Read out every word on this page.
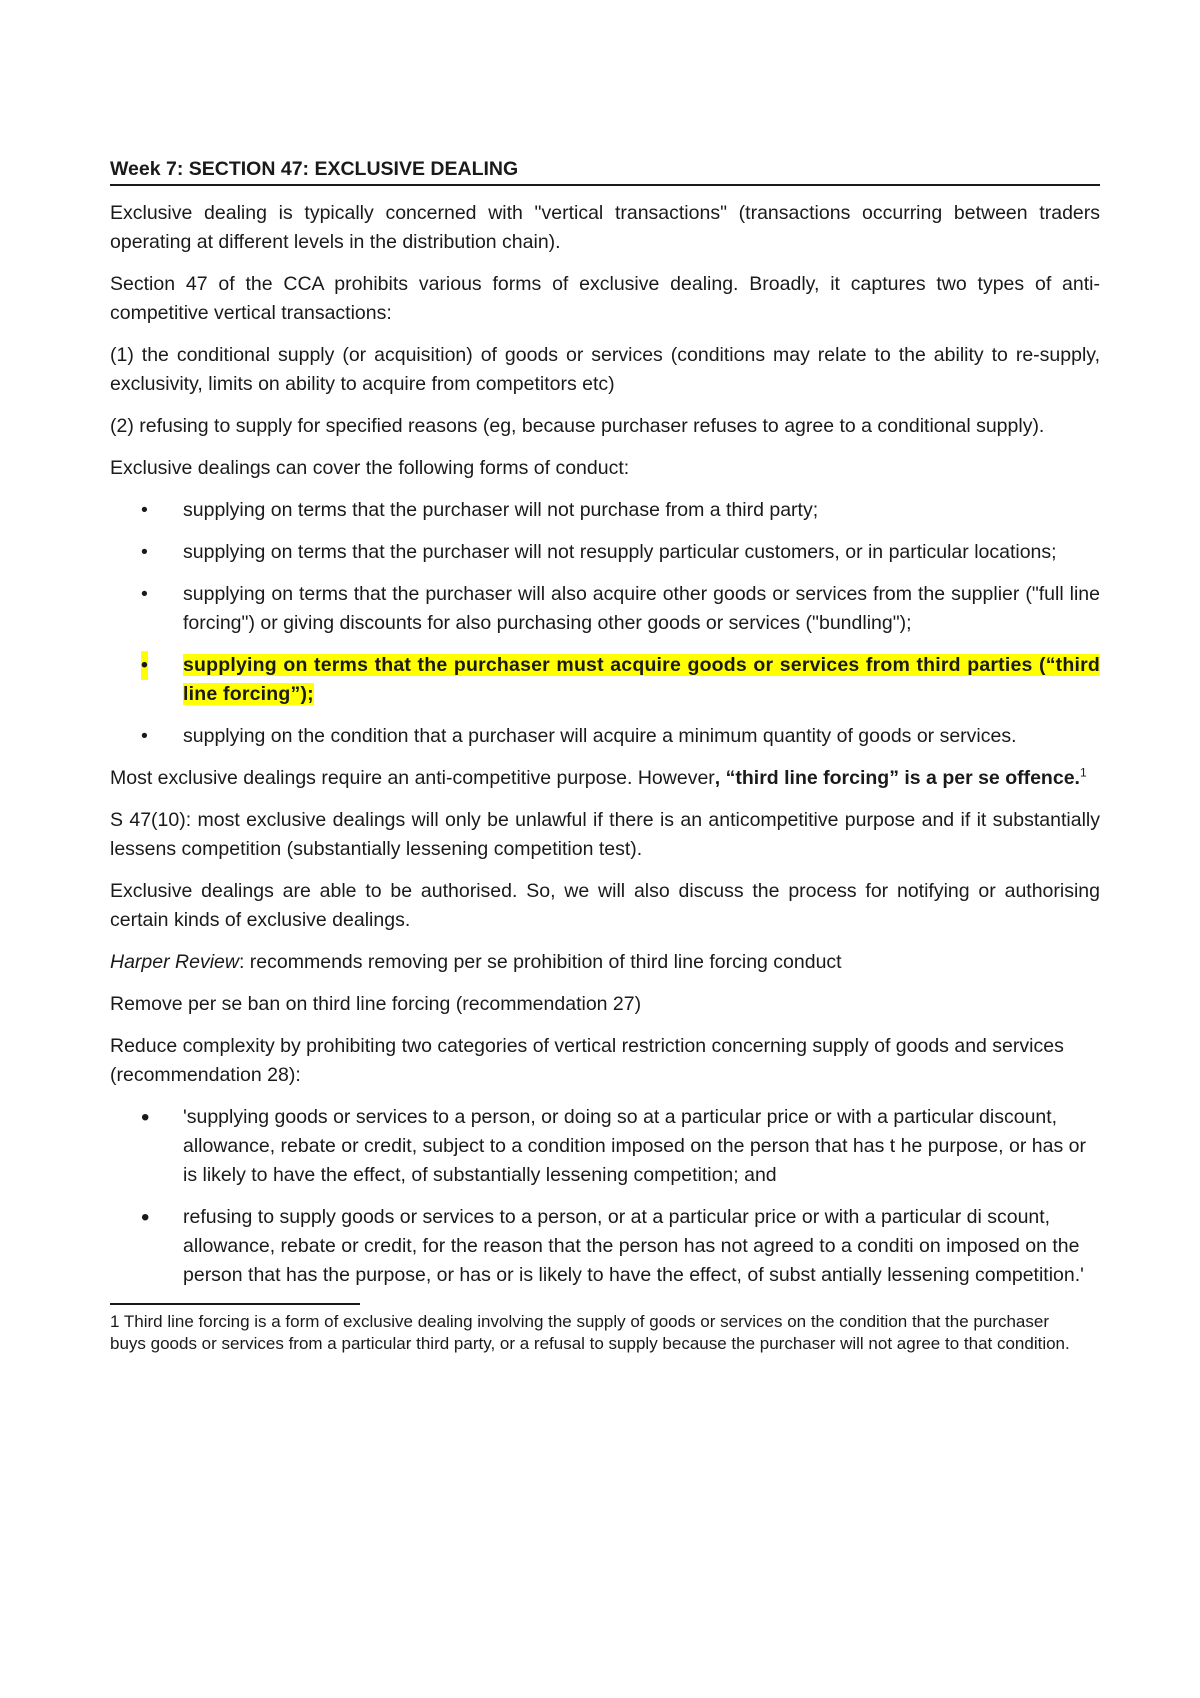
Week 7: SECTION 47: EXCLUSIVE DEALING

Exclusive dealing is typically concerned with "vertical transactions" (transactions occurring between traders operating at different levels in the distribution chain).

Section 47 of the CCA prohibits various forms of exclusive dealing. Broadly, it captures two types of anti-competitive vertical transactions:

(1) the conditional supply (or acquisition) of goods or services (conditions may relate to the ability to re-supply, exclusivity, limits on ability to acquire from competitors etc)

(2) refusing to supply for specified reasons (eg, because purchaser refuses to agree to a conditional supply).

Exclusive dealings can cover the following forms of conduct:

• supplying on terms that the purchaser will not purchase from a third party;
• supplying on terms that the purchaser will not resupply particular customers, or in particular locations;
• supplying on terms that the purchaser will also acquire other goods or services from the supplier ("full line forcing") or giving discounts for also purchasing other goods or services ("bundling");
• supplying on terms that the purchaser must acquire goods or services from third parties (“third line forcing”);
• supplying on the condition that a purchaser will acquire a minimum quantity of goods or services.

Most exclusive dealings require an anti-competitive purpose. However, “third line forcing” is a per se offence.$^1$

S 47(10): most exclusive dealings will only be unlawful if there is an anticompetitive purpose and if it substantially lessens competition (substantially lessening competition test).

Exclusive dealings are able to be authorised. So, we will also discuss the process for notifying or authorising certain kinds of exclusive dealings.

Harper Review: recommends removing per se prohibition of third line forcing conduct

Remove per se ban on third line forcing (recommendation 27)

Reduce complexity by prohibiting two categories of vertical restriction concerning supply of goods and services (recommendation 28):

• 'supplying goods or services to a person, or doing so at a particular price or with a particular discount, allowance, rebate or credit, subject to a condition imposed on the person that has t he purpose, or has or is likely to have the effect, of substantially lessening competition; and
• refusing to supply goods or services to a person, or at a particular price or with a particular di scount, allowance, rebate or credit, for the reason that the person has not agreed to a conditi on imposed on the person that has the purpose, or has or is likely to have the effect, of subst antially lessening competition.'
1 Third line forcing is a form of exclusive dealing involving the supply of goods or services on the condition that the purchaser buys goods or services from a particular third party, or a refusal to supply because the purchaser will not agree to that condition.
